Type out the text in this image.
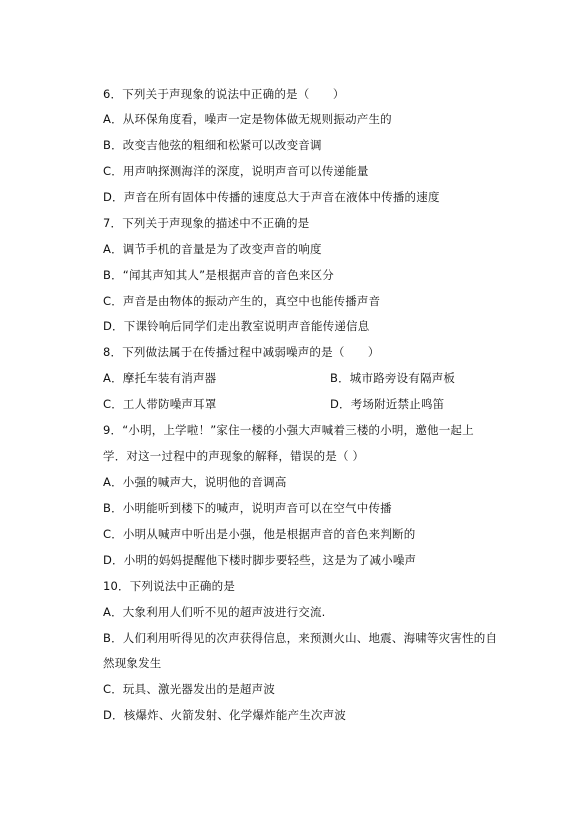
6．下列关于声现象的说法中正确的是（　　）
A．从环保角度看，噪声一定是物体做无规则振动产生的
B．改变吉他弦的粗细和松紧可以改变音调
C．用声呐探测海洋的深度，说明声音可以传递能量
D．声音在所有固体中传播的速度总大于声音在液体中传播的速度
7．下列关于声现象的描述中不正确的是
A．调节手机的音量是为了改变声音的响度
B．“闻其声知其人”是根据声音的音色来区分
C．声音是由物体的振动产生的，真空中也能传播声音
D．下课铃响后同学们走出教室说明声音能传递信息
8．下列做法属于在传播过程中减弱噪声的是（　　）
A．摩托车装有消声器	B．城市路旁设有隔声板
C．工人带防噪声耳罩	D．考场附近禁止鸣笛
9．“小明，上学啦！”家住一楼的小强大声喊着三楼的小明，邀他一起上
学．对这一过程中的声现象的解释，错误的是（ ）
A．小强的喊声大，说明他的音调高
B．小明能听到楼下的喊声，说明声音可以在空气中传播
C．小明从喊声中听出是小强，他是根据声音的音色来判断的
D．小明的妈妈提醒他下楼时脚步要轻些，这是为了减小噪声
10．下列说法中正确的是
A．大象利用人们听不见的超声波进行交流.
B．人们利用听得见的次声获得信息，来预测火山、地震、海啸等灾害性的自
然现象发生
C．玩具、激光器发出的是超声波
D．核爆炸、火箭发射、化学爆炸能产生次声波
